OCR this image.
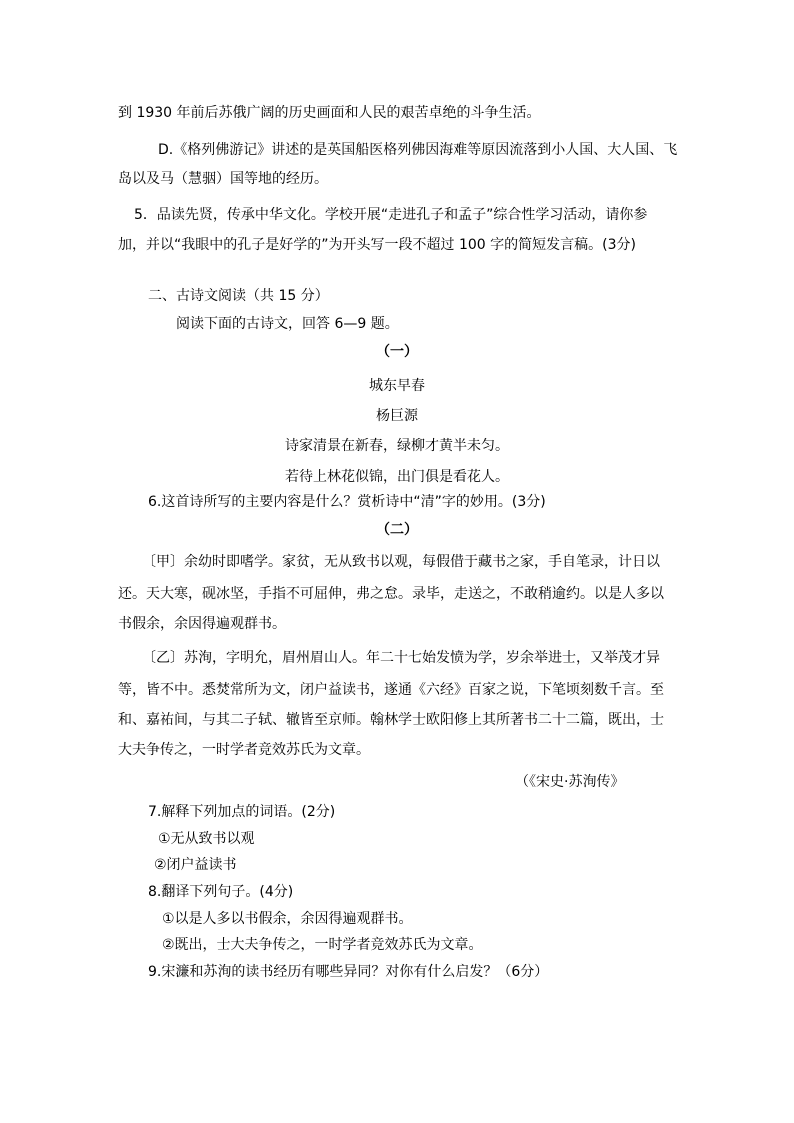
到 1930 年前后苏俄广阔的历史画面和人民的艰苦卓绝的斗争生活。
D.《格列佛游记》讲述的是英国船医格列佛因海难等原因流落到小人国、大人国、飞
岛以及马（慧骃）国等地的经历。
5．品读先贤，传承中华文化。学校开展“走进孔子和孟子”综合性学习活动，请你参
加，并以“我眼中的孔子是好学的”为开头写一段不超过 100 字的简短发言稿。(3分)
二、古诗文阅读（共 15 分）
阅读下面的古诗文，回答 6—9 题。
（一）
城东早春
杨巨源
诗家清景在新春，绿柳才黄半未匀。
若待上林花似锦，出门俱是看花人。
6.这首诗所写的主要内容是什么？赏析诗中“清”字的妙用。(3分)
（二）
〔甲〕余幼时即嗜学。家贫，无从致书以观，每假借于藏书之家，手自笔录，计日以
还。天大寒，砚冰坚，手指不可屈伸，弗之怠。录毕，走送之，不敢稍逾约。以是人多以
书假余，余因得遍观群书。
〔乙〕苏洵，字明允，眉州眉山人。年二十七始发愤为学，岁余举进士，又举茂才异
等，皆不中。悉焚常所为文，闭户益读书，遂通《六经》百家之说，下笔顷刻数千言。至
和、嘉祐间，与其二子轼、辙皆至京师。翰林学士欧阳修上其所著书二十二篇，既出，士
大夫争传之，一时学者竞效苏氏为文章。
（《宋史·苏洵传》
7.解释下列加点的词语。(2分)
①无从致书以观
②闭户益读书
8.翻译下列句子。(4分)
①以是人多以书假余，余因得遍观群书。
②既出，士大夫争传之，一时学者竞效苏氏为文章。
9.宋濂和苏洵的读书经历有哪些异同？对你有什么启发？（6分）
